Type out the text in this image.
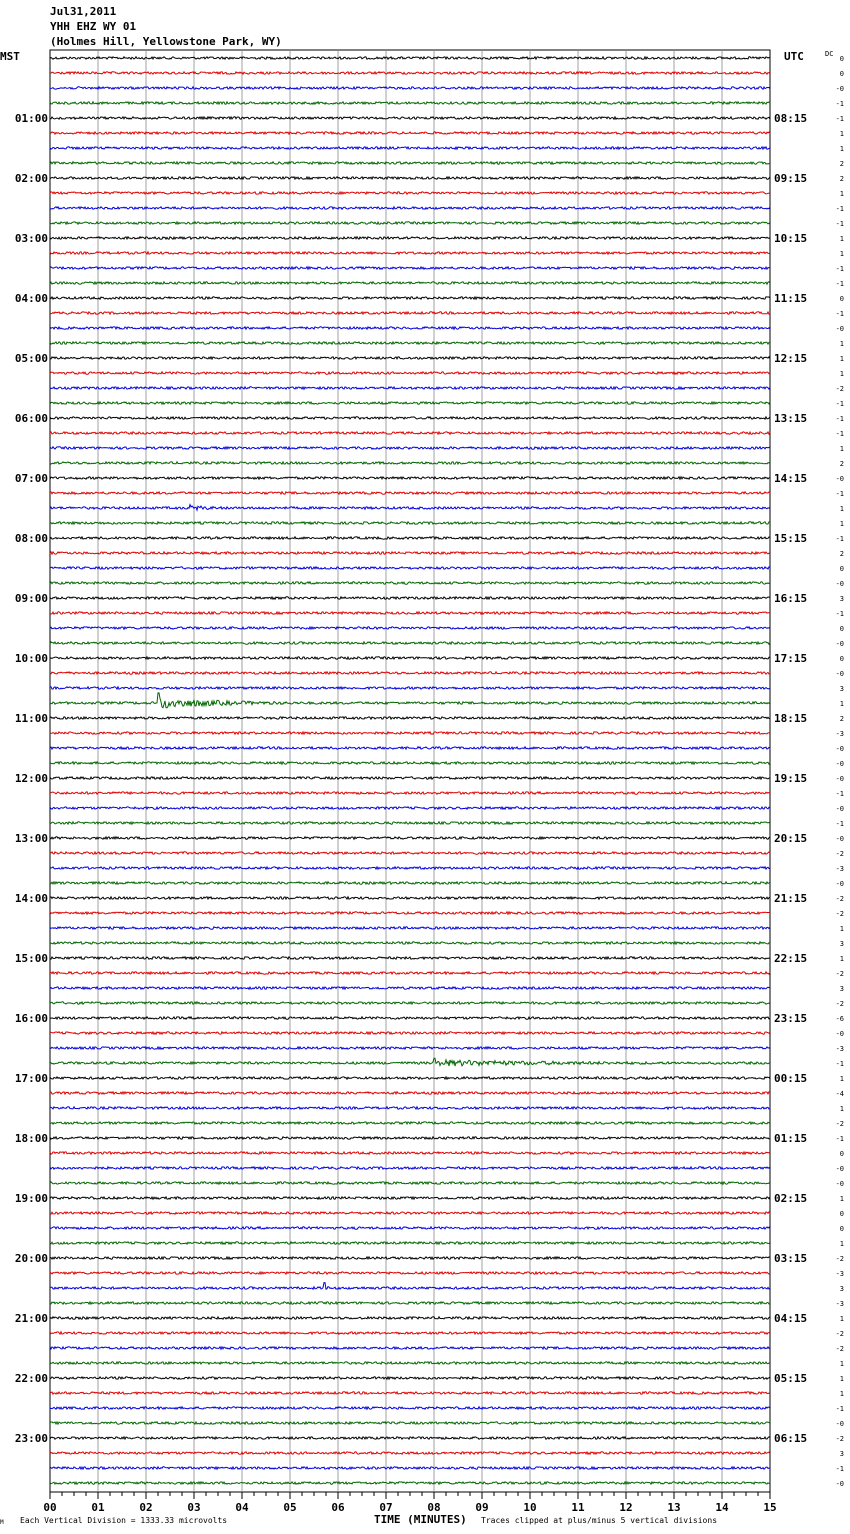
Jul31,2011
YHH EHZ WY 01
(Holmes Hill, Yellowstone Park, WY)
0
0
-0
-1
-1
1
1
2
2
1
-1
-1
1
1
-1
-1
0
-1
-0
1
1
1
-2
-1
-1
-1
1
2
-0
-1
1
1
-1
2
0
-0
3
-1
0
-0
0
-0
3
1
2
-3
-0
-0
-0
-1
-0
-1
-0
-2
-3
-0
-2
-2
1
3
1
-2
3
-2
-6
-0
-3
-1
1
-4
1
-2
-1
0
-0
-0
1
0
0
1
-2
-3
3
-3
1
-2
-2
1
1
1
-1
-0
-2
3
-1
-0
01:00
02:00
03:00
04:00
05:00
06:00
07:00
08:00
09:00
10:00
11:00
12:00
13:00
14:00
15:00
16:00
17:00
18:00
19:00
20:00
21:00
22:00
23:00
08:15
09:15
10:15
11:15
12:15
13:15
14:15
15:15
16:15
17:15
18:15
19:15
20:15
21:15
22:15
23:15
00:15
01:15
02:15
03:15
04:15
05:15
06:15
00	01	02	03	04	05	06	07	08	09	10	11	12	13	14	15
MST	UTC	DC
M Each Vertical Division = 1333.33 microvolts	TIME (MINUTES) Traces clipped at plus/minus 5 vertical divisions
